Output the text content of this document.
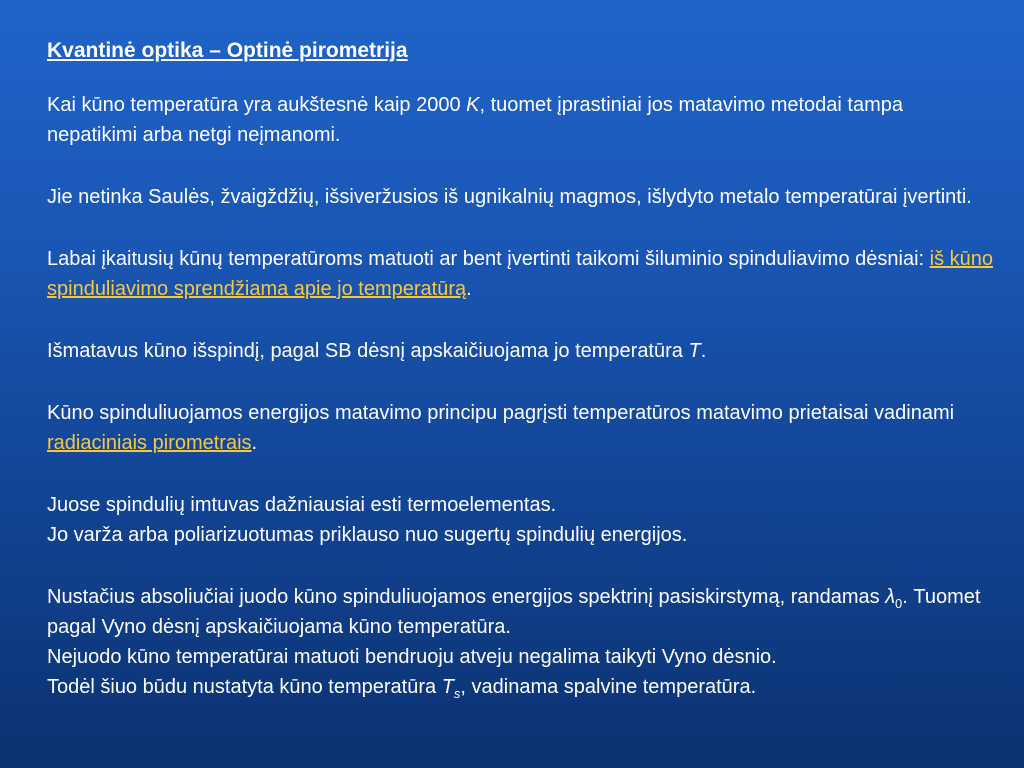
Kvantinė optika – Optinė pirometrija
Kai kūno temperatūra yra aukštesnė kaip 2000 K, tuomet įprastiniai jos matavimo metodai tampa nepatikimi arba netgi neįmanomi.
Jie netinka Saulės, žvaigždžių, išsiveržusios iš ugnikalnių magmos, išlydyto metalo temperatūrai įvertinti.
Labai įkaitusių kūnų temperatūroms matuoti ar bent įvertinti taikomi šiluminio spinduliavimo dėsniai: iš kūno spinduliavimo sprendžiama apie jo temperatūrą.
Išmatavus kūno išspindį, pagal SB dėsnį apskaičiuojama jo temperatūra T.
Kūno spinduliuojamos energijos matavimo principu pagrįsti temperatūros matavimo prietaisai vadinami radiaciniais pirometrais.
Juose spindulių imtuvas dažniausiai esti termoelementas.
Jo varža arba poliarizuotumas priklauso nuo sugertų spindulių energijos.
Nustačius absoliučiai juodo kūno spinduliuojamos energijos spektrinį pasiskirstymą, randamas $\lambda_0$. Tuomet pagal Vyno dėsnį apskaičiuojama kūno temperatūra.
Nejuodo kūno temperatūrai matuoti bendruoju atveju negalima taikyti Vyno dėsnio.
Todėl šiuo būdu nustatyta kūno temperatūra $T_s$, vadinama spalvine temperatūra.
